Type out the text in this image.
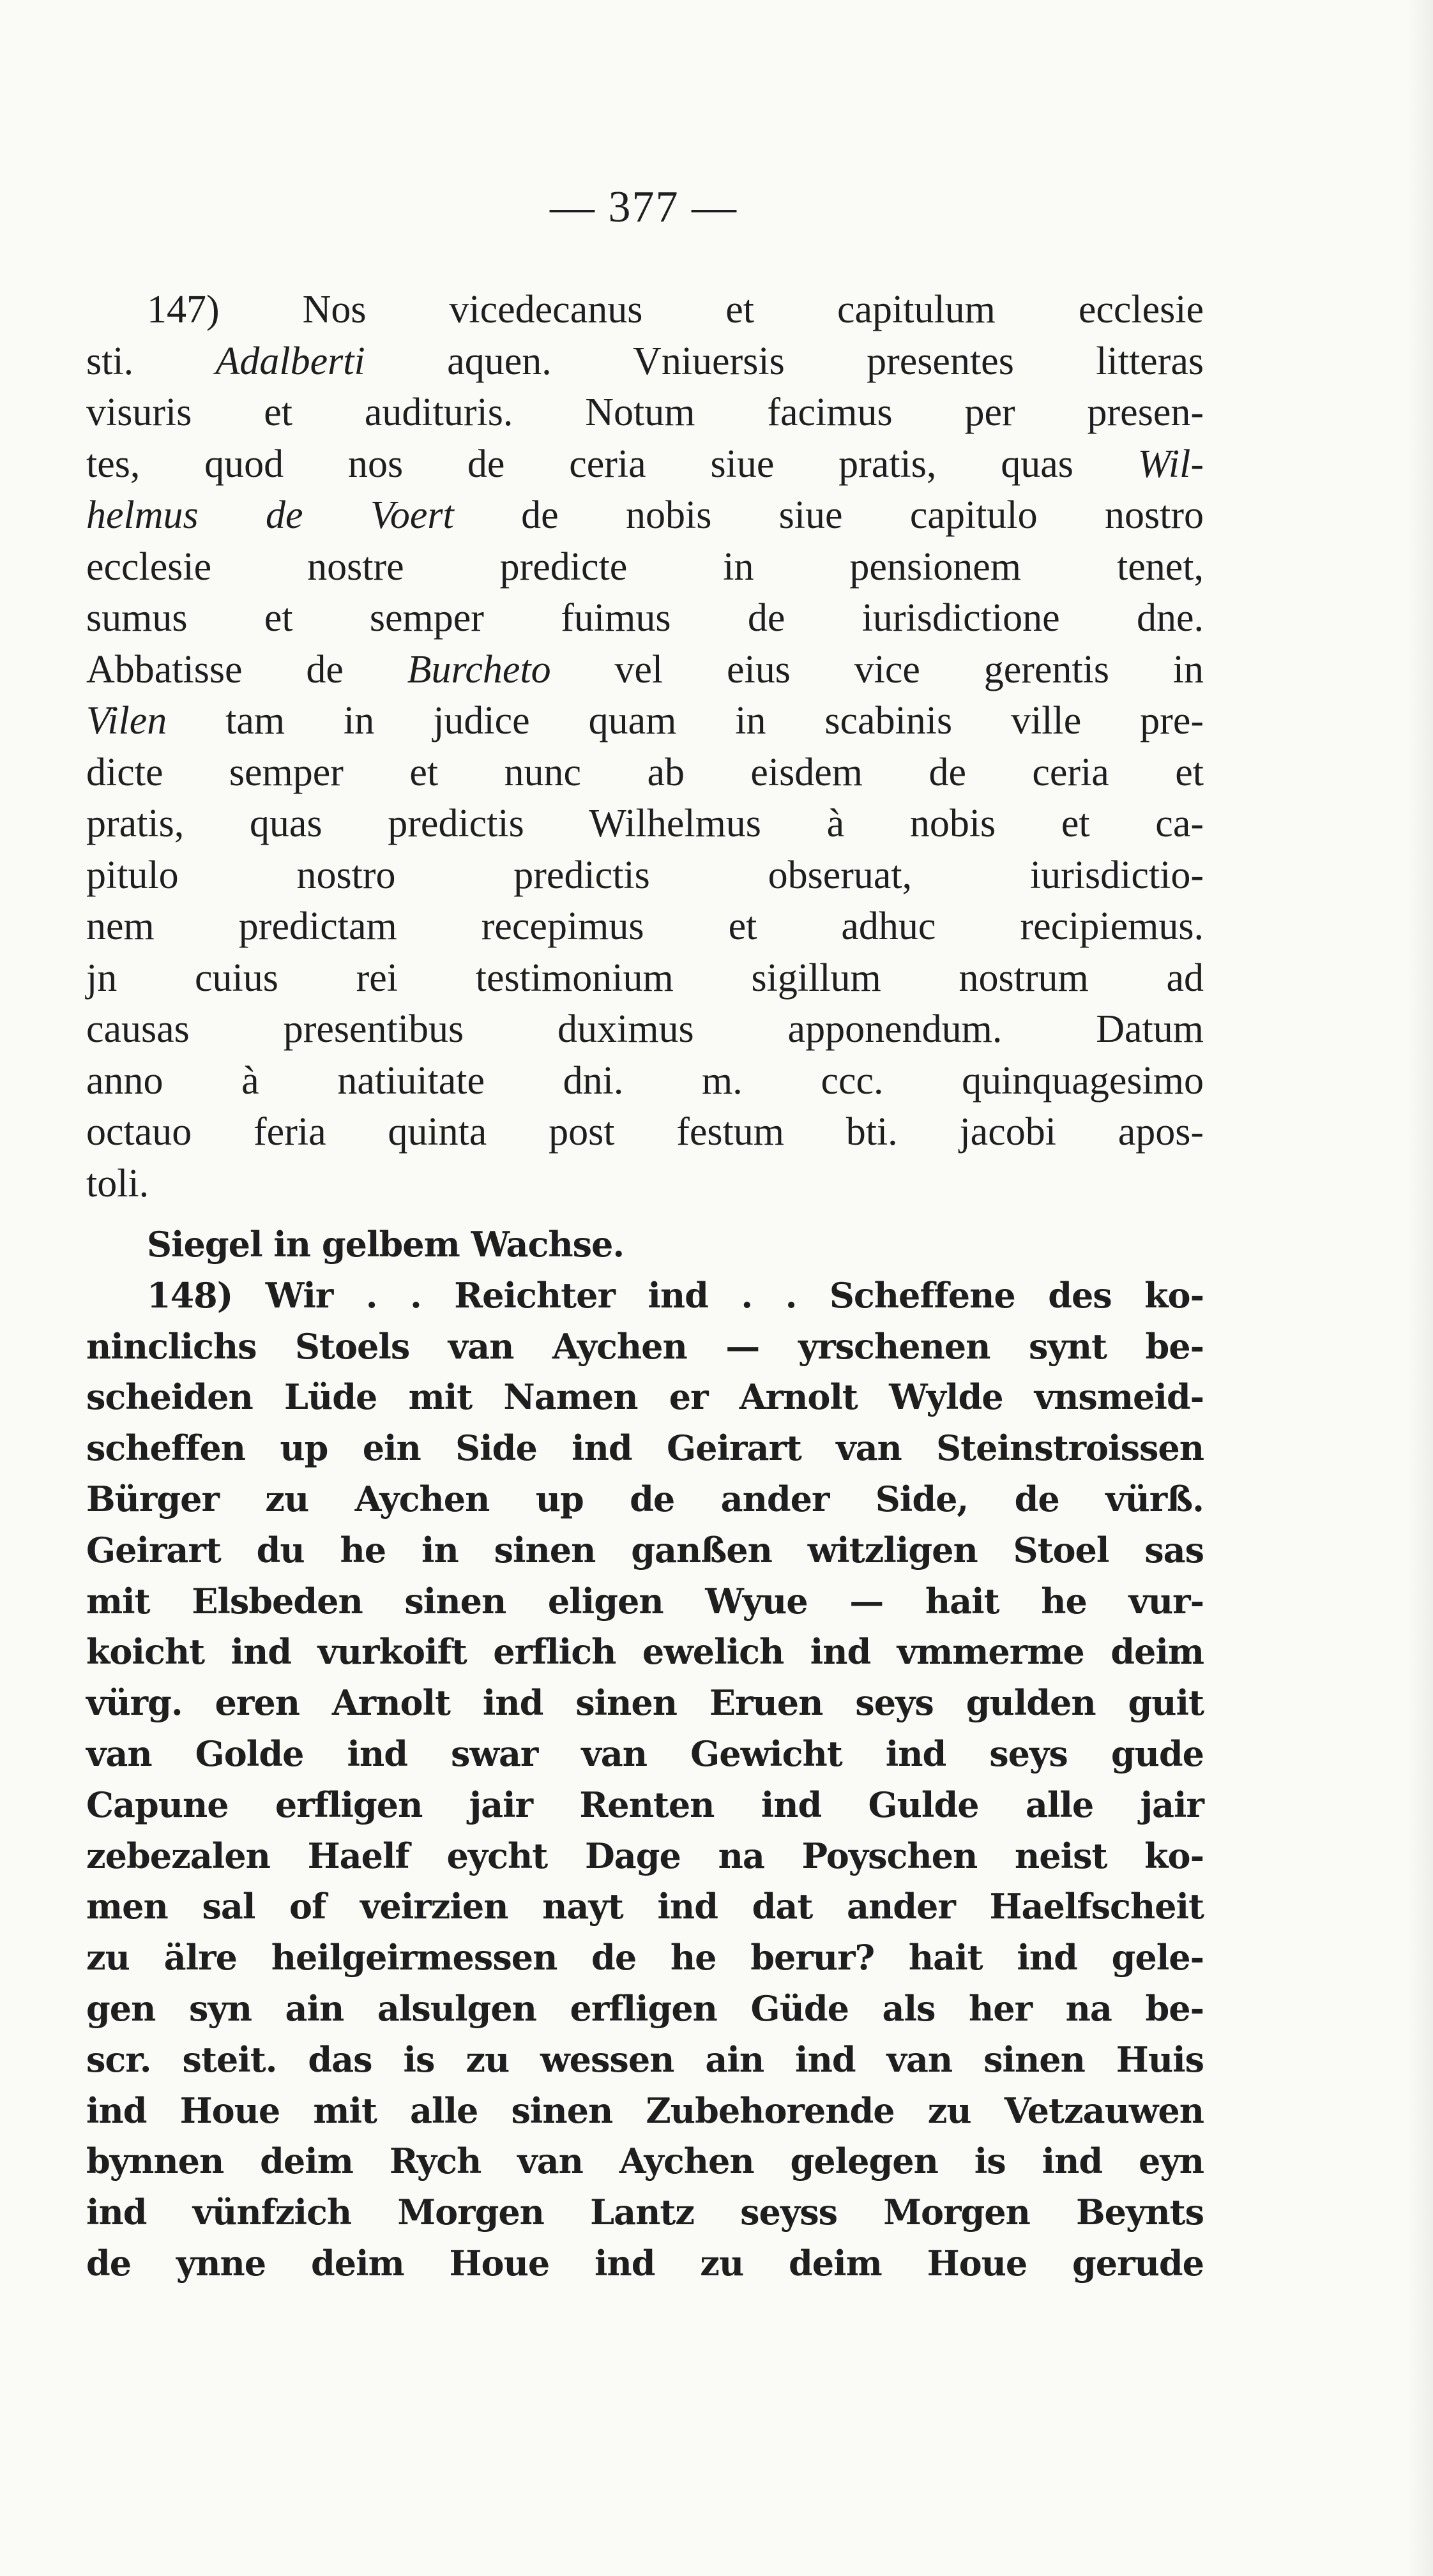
— 377 —
147) Nos vicedecanus et capitulum ecclesie
sti. Adalberti aquen. Vniuersis presentes litteras
visuris et audituris. Notum facimus per presen-
tes, quod nos de ceria siue pratis, quas Wil-
helmus de Voert de nobis siue capitulo nostro
ecclesie nostre predicte in pensionem tenet,
sumus et semper fuimus de iurisdictione dne.
Abbatisse de Burcheto vel eius vice gerentis in
Vilen tam in judice quam in scabinis ville pre-
dicte semper et nunc ab eisdem de ceria et
pratis, quas predictis Wilhelmus à nobis et ca-
pitulo nostro predictis obseruat, iurisdictio-
nem predictam recepimus et adhuc recipiemus.
jn cuius rei testimonium sigillum nostrum ad
causas presentibus duximus apponendum. Datum
anno à natiuitate dni. m. ccc. quinquagesimo
octauo feria quinta post festum bti. jacobi apos-
toli.
Siegel in gelbem Wachse.
148) Wir . . Reichter ind . . Scheffene des ko-
ninclichs Stoels van Aychen — yrschenen synt be-
scheiden Lüde mit Namen er Arnolt Wylde vnsmeid-
scheffen up ein Side ind Geirart van Steinstroissen
Bürger zu Aychen up de ander Side, de vürß.
Geirart du he in sinen ganßen witzligen Stoel sas
mit Elsbeden sinen eligen Wyue — hait he vur-
koicht ind vurkoift erflich ewelich ind vmmerme deim
vürg. eren Arnolt ind sinen Eruen seys gulden guit
van Golde ind swar van Gewicht ind seys gude
Capune erfligen jair Renten ind Gulde alle jair
zebezalen Haelf eycht Dage na Poyschen neist ko-
men sal of veirzien nayt ind dat ander Haelfscheit
zu älre heilgeirmessen de he berur? hait ind gele-
gen syn ain alsulgen erfligen Güde als her na be-
scr. steit. das is zu wessen ain ind van sinen Huis
ind Houe mit alle sinen Zubehorende zu Vetzauwen
bynnen deim Rych van Aychen gelegen is ind eyn
ind vünfzich Morgen Lantz seyss Morgen Beynts
de ynne deim Houe ind zu deim Houe gerude
